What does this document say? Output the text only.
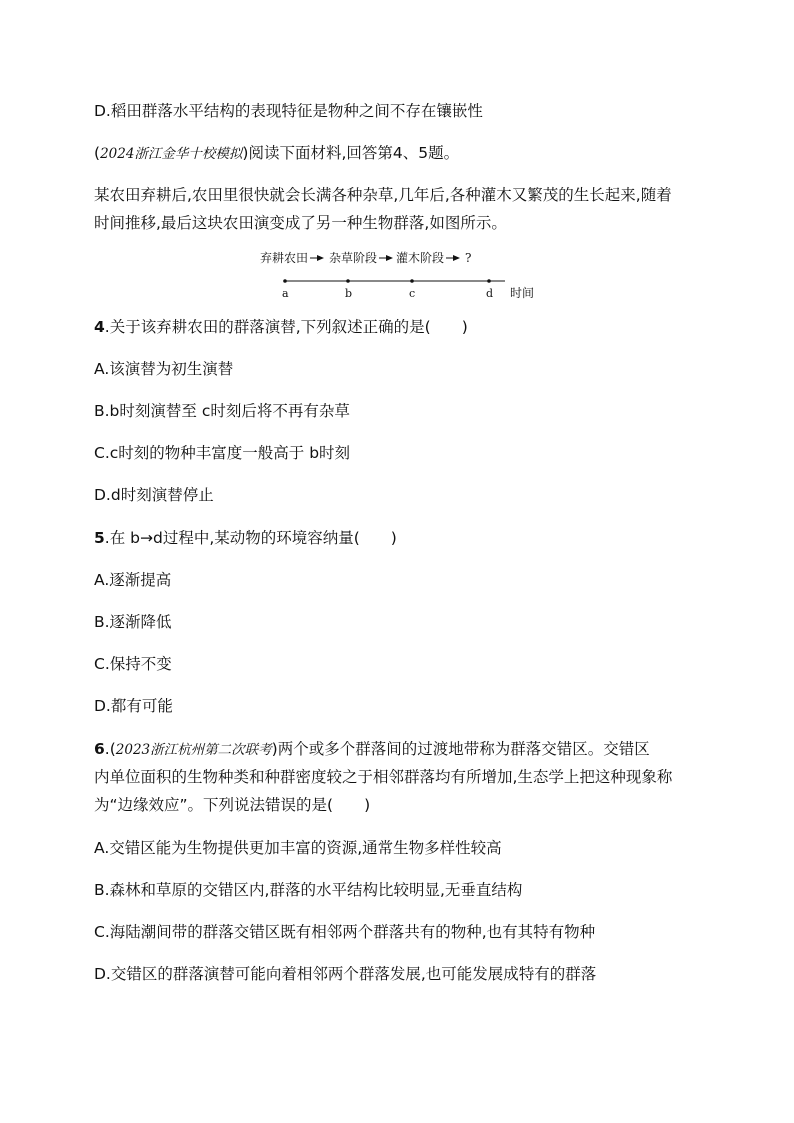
D.稻田群落水平结构的表现特征是物种之间不存在镶嵌性
(2024浙江金华十校模拟)阅读下面材料,回答第4、5题。
某农田弃耕后,农田里很快就会长满各种杂草,几年后,各种灌木又繁茂的生长起来,随着
时间推移,最后这块农田演变成了另一种生物群落,如图所示。
弃耕农田 杂草阶段 灌木阶段 ?
a	b	c	d 时间
4.关于该弃耕农田的群落演替,下列叙述正确的是(　　)
A.该演替为初生演替
B.b时刻演替至 c时刻后将不再有杂草
C.c时刻的物种丰富度一般高于 b时刻
D.d时刻演替停止
5.在 b→d过程中,某动物的环境容纳量(　　)
A.逐渐提高
B.逐渐降低
C.保持不变
D.都有可能
6.(2023浙江杭州第二次联考)两个或多个群落间的过渡地带称为群落交错区。交错区
内单位面积的生物种类和种群密度较之于相邻群落均有所增加,生态学上把这种现象称
为“边缘效应”。下列说法错误的是(　　)
A.交错区能为生物提供更加丰富的资源,通常生物多样性较高
B.森林和草原的交错区内,群落的水平结构比较明显,无垂直结构
C.海陆潮间带的群落交错区既有相邻两个群落共有的物种,也有其特有物种
D.交错区的群落演替可能向着相邻两个群落发展,也可能发展成特有的群落
